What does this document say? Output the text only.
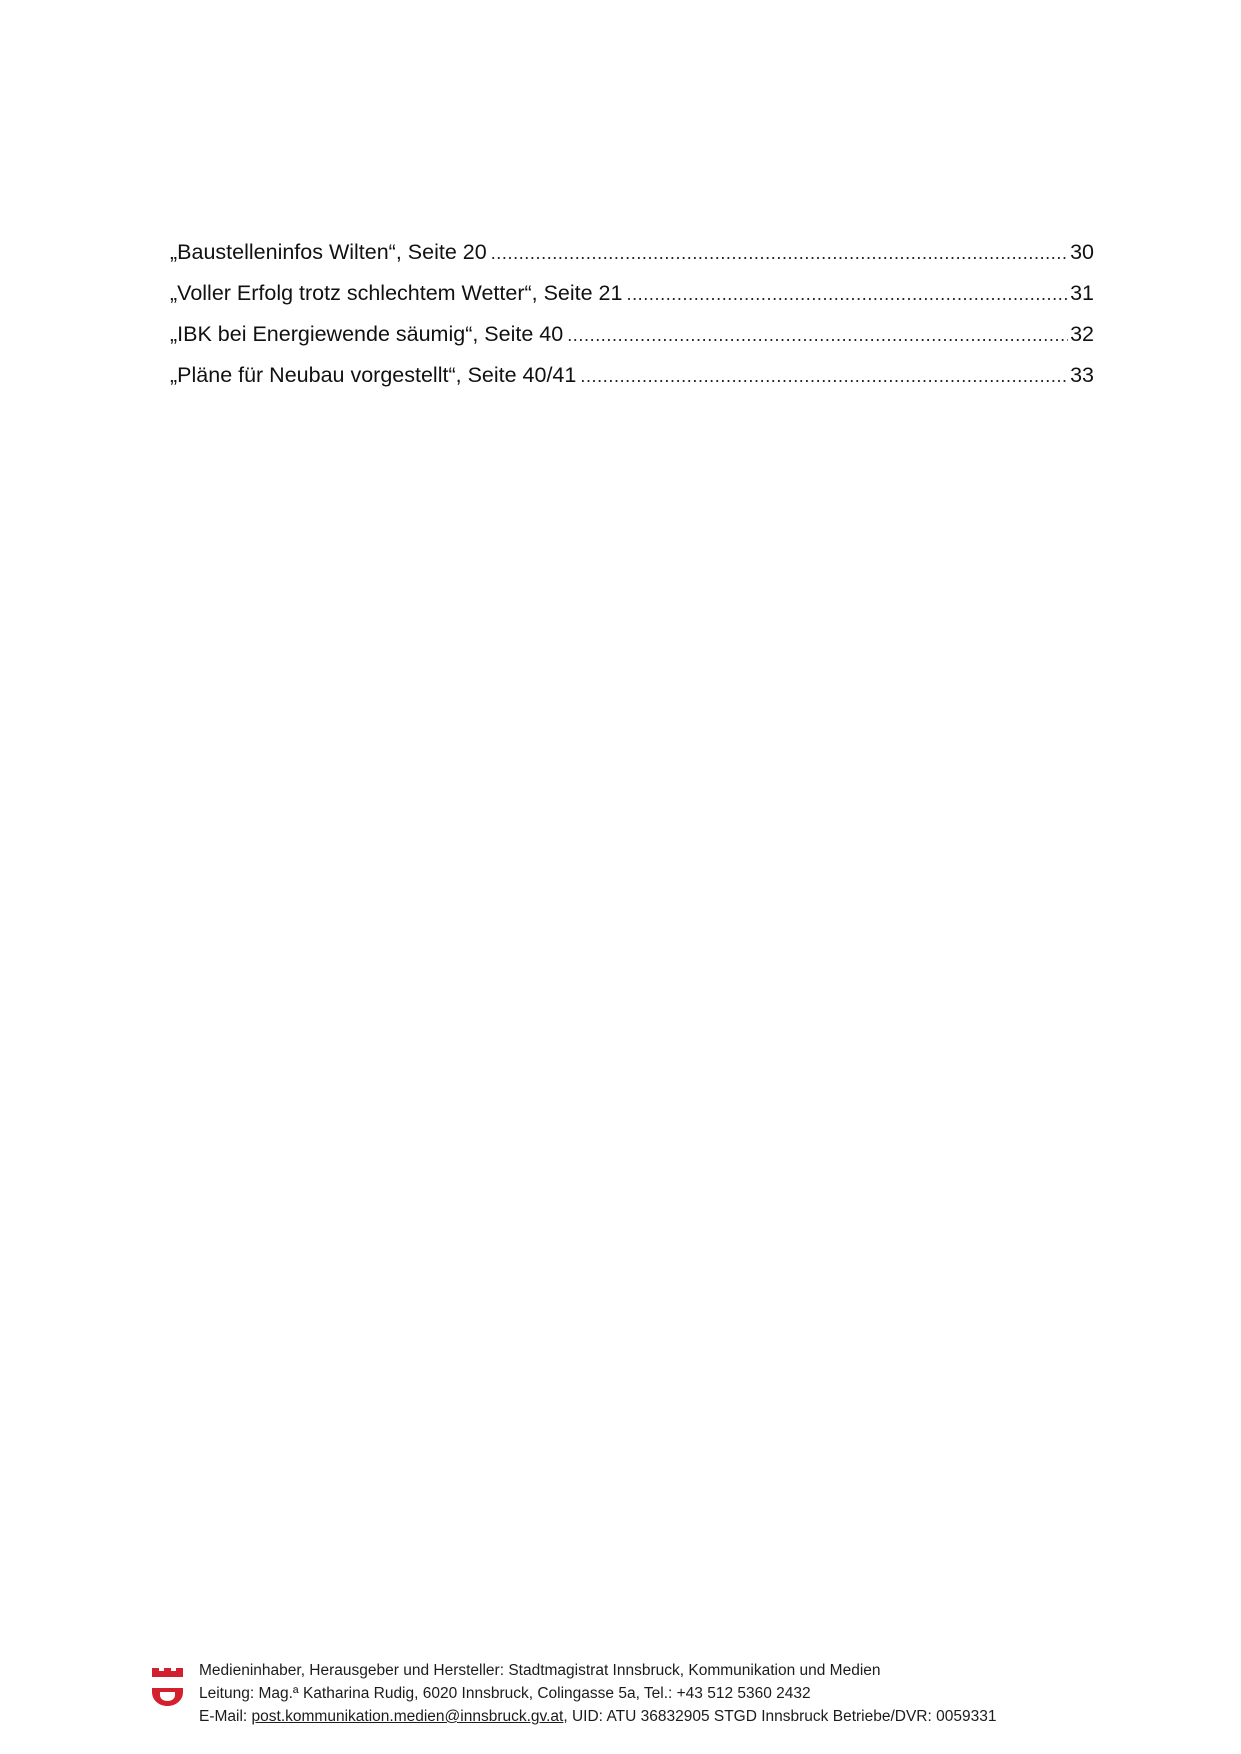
„Baustelleninfos Wilten“, Seite 20 .....	30
„Voller Erfolg trotz schlechtem Wetter“, Seite 21 .....	31
„IBK bei Energiewende säumig“, Seite 40 .....	32
„Pläne für Neubau vorgestellt“, Seite 40/41 .....	33
Medieninhaber, Herausgeber und Hersteller: Stadtmagistrat Innsbruck, Kommunikation und Medien
Leitung: Mag.ª Katharina Rudig, 6020 Innsbruck, Colingasse 5a, Tel.: +43 512 5360 2432
E-Mail: post.kommunikation.medien@innsbruck.gv.at, UID: ATU 36832905 STGD Innsbruck Betriebe/DVR: 0059331
